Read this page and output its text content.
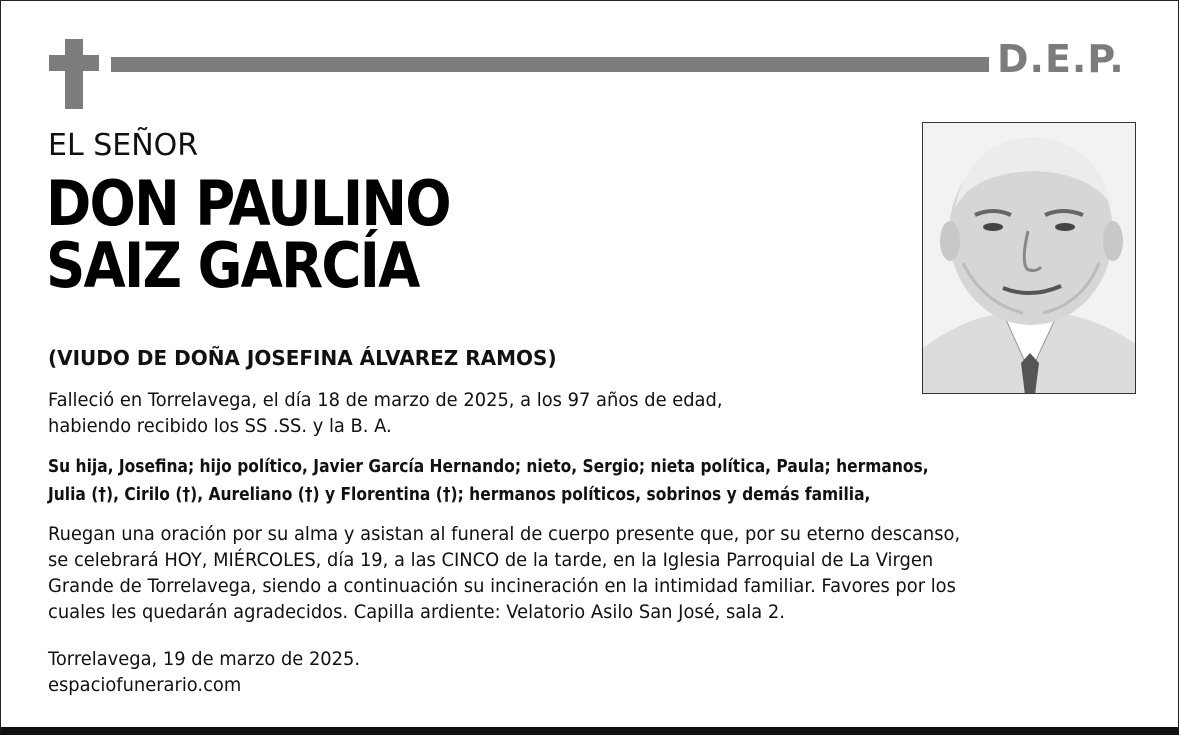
D.E.P.
EL SEÑOR
DON PAULINO
SAIZ GARCÍA
(VIUDO DE DOÑA JOSEFINA ÁLVAREZ RAMOS)
Falleció en Torrelavega, el día 18 de marzo de 2025, a los 97 años de edad,
habiendo recibido los SS .SS. y la B. A.
Su hija, Josefina; hijo político, Javier García Hernando; nieto, Sergio; nieta política, Paula; hermanos,
Julia (†), Cirilo (†), Aureliano (†) y Florentina (†); hermanos políticos, sobrinos y demás familia,
Ruegan una oración por su alma y asistan al funeral de cuerpo presente que, por su eterno descanso,
se celebrará HOY, MIÉRCOLES, día 19, a las CINCO de la tarde, en la Iglesia Parroquial de La Virgen
Grande de Torrelavega, siendo a continuación su incineración en la intimidad familiar. Favores por los
cuales les quedarán agradecidos. Capilla ardiente: Velatorio Asilo San José, sala 2.
Torrelavega, 19 de marzo de 2025.
espaciofunerario.com
